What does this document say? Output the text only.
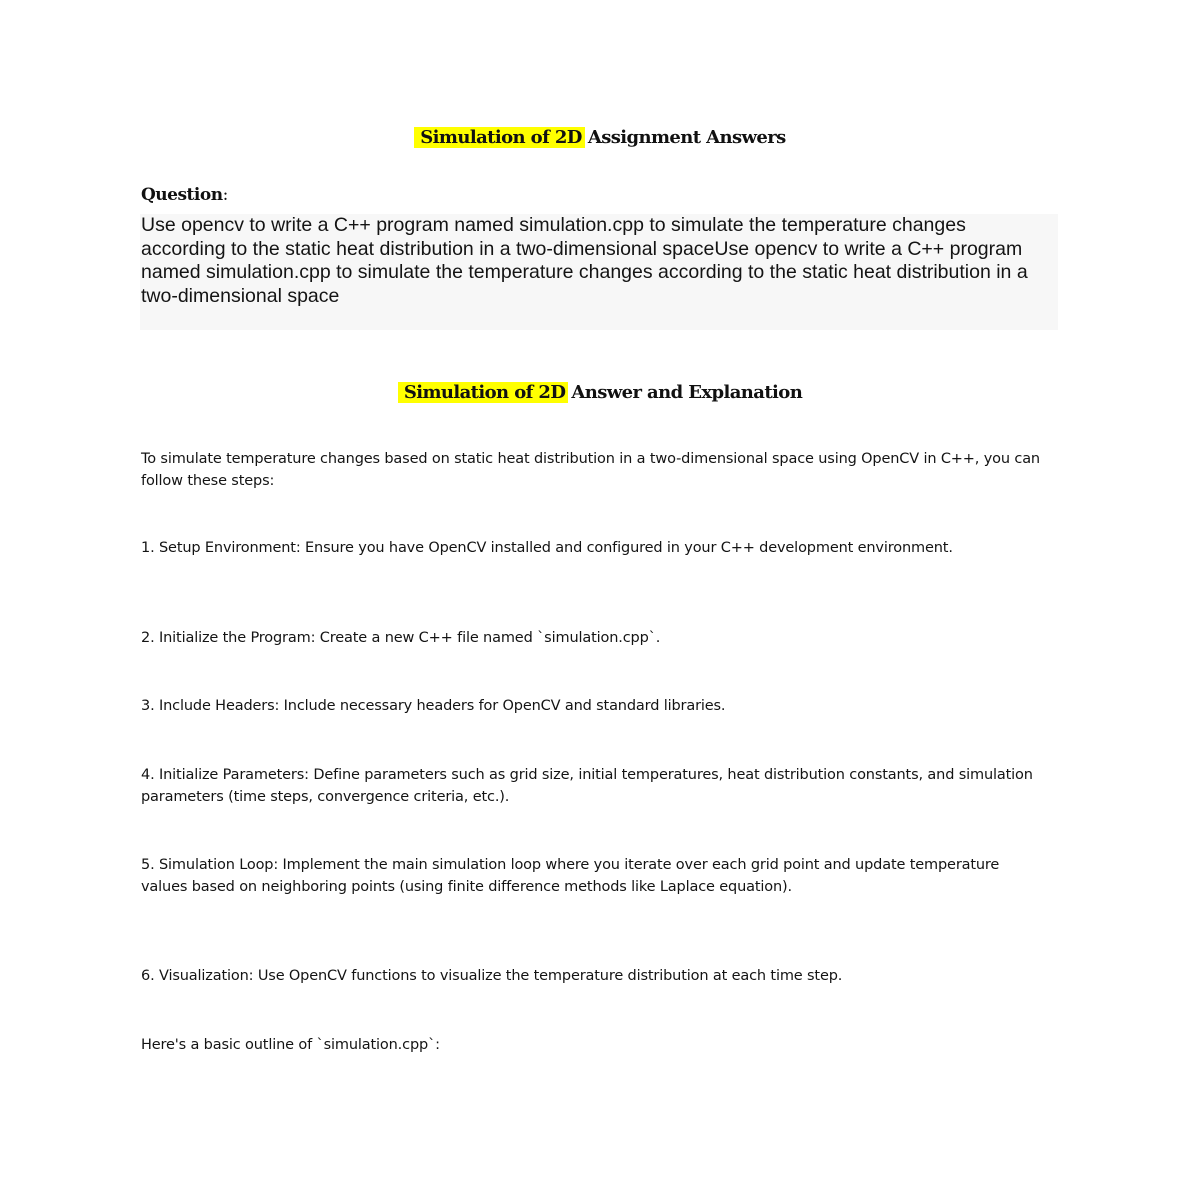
Simulation of 2D Assignment Answers
Question:
Use opencv to write a C++ program named simulation.cpp to simulate the temperature changes according to the static heat distribution in a two-dimensional spaceUse opencv to write a C++ program named simulation.cpp to simulate the temperature changes according to the static heat distribution in a two-dimensional space
Simulation of 2D Answer and Explanation
To simulate temperature changes based on static heat distribution in a two-dimensional space using OpenCV in C++, you can follow these steps:
1. Setup Environment: Ensure you have OpenCV installed and configured in your C++ development environment.
2. Initialize the Program: Create a new C++ file named `simulation.cpp`.
3. Include Headers: Include necessary headers for OpenCV and standard libraries.
4. Initialize Parameters: Define parameters such as grid size, initial temperatures, heat distribution constants, and simulation parameters (time steps, convergence criteria, etc.).
5. Simulation Loop: Implement the main simulation loop where you iterate over each grid point and update temperature values based on neighboring points (using finite difference methods like Laplace equation).
6. Visualization: Use OpenCV functions to visualize the temperature distribution at each time step.
Here's a basic outline of `simulation.cpp`:
